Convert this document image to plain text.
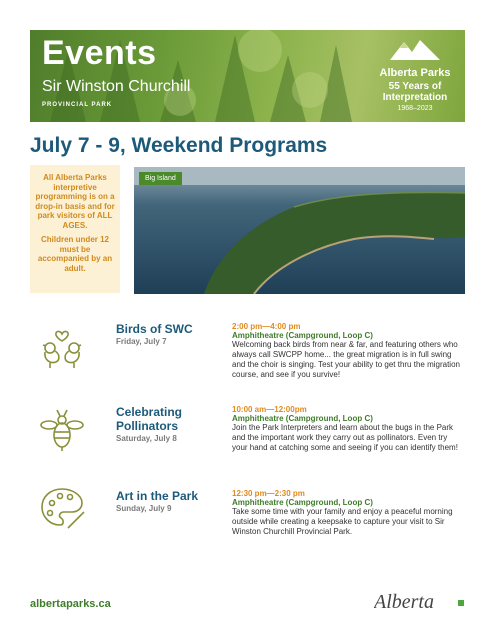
Events
Sir Winston Churchill
PROVINCIAL PARK
Alberta Parks
55 Years of Interpretation
1968–2023
July 7 - 9, Weekend Programs

All Alberta Parks interpretive programming is on a drop-in basis and for park visitors of ALL AGES.

Children under 12 must be accompanied by an adult.

Big Island
Birds of SWC
Friday, July 7
2:00 pm—4:00 pm
Amphitheatre (Campground, Loop C)
Welcoming back birds from near & far, and featuring others who always call SWCPP home... the great migration is in full swing and the choir is singing. Test your ability to get thru the migration course, and see if you survive!
Celebrating Pollinators
Saturday, July 8
10:00 am—12:00pm
Amphitheatre (Campground, Loop C)
Join the Park Interpreters and learn about the bugs in the Park and the important work they carry out as pollinators. Even try your hand at catching some and seeing if you can identify them!
Art in the Park
Sunday, July 9
12:30 pm—2:30 pm
Amphitheatre (Campground, Loop C)
Take some time with your family and enjoy a peaceful morning outside while creating a keepsake to capture your visit to Sir Winston Churchill Provincial Park.
albertaparks.ca	Alberta
